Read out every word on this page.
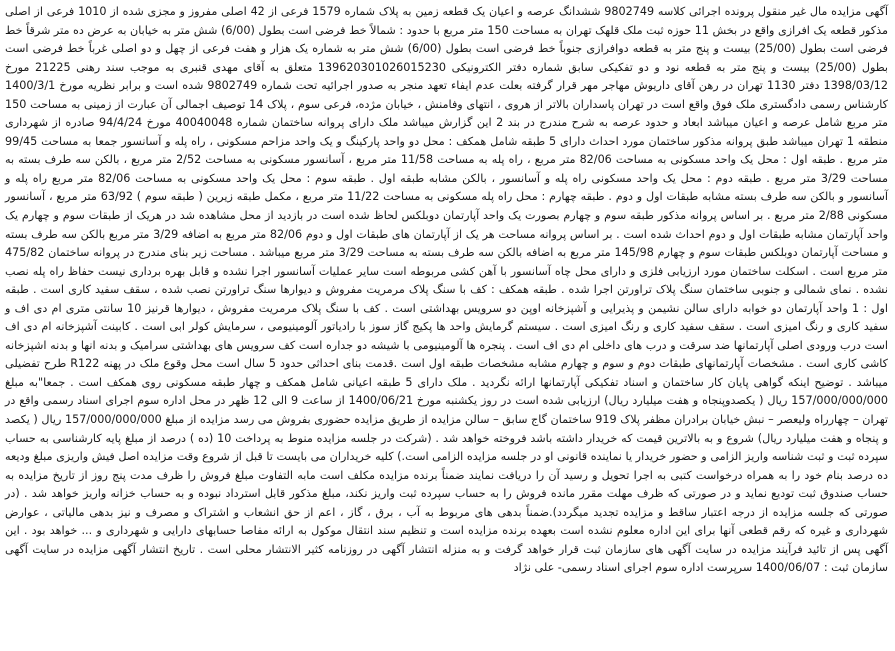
آگهی مزایده مال غیر منقول پرونده اجرائی کلاسه 9802749 ششدانگ عرصه و اعیان یک قطعه زمین به پلاک شماره 1579 فرعی از 42 اصلی مفروز و مجزی شده از 1010 فرعی از اصلی مذکور قطعه یک افرازی واقع در بخش 11 حوزه ثبت ملک قلهک تهران به مساحت 150 متر مربع با حدود : شمالاً خط فرضی است بطول (6/00) شش متر به خیابان به عرض ده متر شرقاً خط فرضی است بطول (25/00) بیست و پنج متر به قطعه دوافرازی جنوباً خط فرضی است بطول (6/00) شش متر به شماره یک هزار و هفت فرعی از چهل و دو اصلی غرباً خط فرضی است بطول (25/00) بیست و پنج متر به قطعه نود و دو تفکیکی سابق شماره دفتر الکترونیکی 139620301026015230 متعلق به آقای مهدی قنبری به موجب سند رهنی 21225 مورخ 1398/03/12 دفتر 1130 تهران در رهن آقای داریوش مهاجر مهر قرار گرفته بعلت عدم ایفاء تعهد منجر به صدور اجرائیه تحت شماره 9802749 شده است و برابر نظریه مورخ 1400/3/1 کارشناس رسمی دادگستری ملک فوق واقع است در تهران پاسداران بالاتر از هروی ، انتهای وفامنش ، خیابان مژده، فرعی سوم ، پلاک 14 توصیف اجمالی آن عبارت از زمینی به مساحت 150 متر مربع شامل عرصه و اعیان میباشد ابعاد و حدود عرصه به شرح مندرج در بند 2 این گزارش میباشد ملک دارای پروانه ساختمان شماره 40040048 مورخ 94/4/24 صادره از شهرداری منطقه 1 تهران میباشد طبق پروانه مذکور ساختمان مورد احداث دارای 5 طبقه شامل همکف : محل دو واحد پارکینگ و یک واحد مزاحم مسکونی ، راه پله و آسانسور جمعا به مساحت 99/45 متر مربع . طبقه اول : محل یک واحد مسکونی به مساحت 82/06 متر مربع ، راه پله به مساحت 11/58 متر مربع ، آسانسور مسکونی به مساحت 2/52 متر مربع ، بالکن سه طرف بسته به مساحت 3/29 متر مربع . طبقه دوم : محل یک واحد مسکونی راه پله و آسانسور ، بالکن مشابه طبقه اول . طبقه سوم : محل یک واحد مسکونی به مساحت 82/06 متر مربع راه پله و آسانسور و بالکن سه طرف بسته مشابه طبقات اول و دوم . طبقه چهارم : محل راه پله مسکونی به مساحت 11/22 متر مربع ، مکمل طبقه زیرین ( طبقه سوم ) 63/92 متر مربع ، آسانسور مسکونی 2/88 متر مربع . بر اساس پروانه مذکور طبقه سوم و چهارم بصورت یک واحد آپارتمان دوبلکس لحاظ شده است در بازدید از محل مشاهده شد در هریک از طبقات سوم و چهارم یک واحد آپارتمان مشابه طبقات اول و دوم احداث شده است . بر اساس پروانه مساحت هر یک از آپارتمان های طبقات اول و دوم 82/06 متر مربع به اضافه 3/29 متر مربع بالکن سه طرف بسته و مساحت آپارتمان دوبلکس طبقات سوم و چهارم 145/98 متر مربع به اضافه بالکن سه طرف بسته به مساحت 3/29 متر مربع میباشد . مساحت زیر بنای مندرج در پروانه ساختمان 475/82 متر مربع است . اسکلت ساختمان مورد ارزیابی فلزی و دارای محل چاه آسانسور با آهن کشی مربوطه است سایر عملیات آسانسور اجرا نشده و قابل بهره برداری نیست حفاظ راه پله نصب نشده . نمای شمالی و جنوبی ساختمان سنگ پلاک تراورتن اجرا شده . طبقه همکف : کف با سنگ پلاک مرمریت مفروش و دیوارها سنگ تراورتن نصب شده ، سقف سفید کاری است . طبقه اول : 1 واحد آپارتمان دو خوابه دارای سالن نشیمن و پذیرایی و آشپزخانه اوپن دو سرویس بهداشتی است . کف با سنگ پلاک مرمریت مفروش ، دیوارها قرنیز 10 سانتی متری ام دی اف و سفید کاری و رنگ امیزی است . سقف سفید کاری و رنگ امیزی است . سیستم گرمایش واحد ها پکیج گاز سوز با رادیاتور آلومینیومی ، سرمایش کولر ابی است . کابینت آشپزخانه ام دی اف است درب ورودی اصلی آپارتمانها ضد سرقت و درب های داخلی ام دی اف است . پنجره ها آلومینیومی با شیشه دو جداره است کف سرویس های بهداشتی سرامیک و بدنه انها و بدنه اشپزخانه کاشی کاری است . مشخصات آپارتمانهای طبقات دوم و سوم و چهارم مشابه مشخصات طبقه اول است .قدمت بنای احداثی حدود 5 سال است محل وقوع ملک در پهنه R122 طرح تفضیلی میباشد . توضیح اینکه گواهی پایان کار ساختمان و اسناد تفکیکی آپارتمانها ارائه نگردید . ملک دارای 5 طبقه اعیانی شامل همکف و چهار طبقه مسکونی روی همکف است . جمعا"به مبلغ 157/000/000/000 ریال ( یکصدوپنجاه و هفت میلیارد ریال) ارزیابی شده است در روز یکشنبه مورخ 1400/06/21 از ساعت 9 الی 12 ظهر در محل اداره سوم اجرای اسناد رسمی واقع در تهران – چهارراه ولیعصر – نبش خیابان برادران مظفر پلاک 919 ساختمان گاج سابق – سالن مزایده از طریق مزایده حضوری بفروش می رسد مزایده از مبلغ 157/000/000/000 ریال ( یکصد و پنجاه و هفت میلیارد ریال) شروع و به بالاترین قیمت که خریدار داشته باشد فروخته خواهد شد . (شرکت در جلسه مزایده منوط به پرداخت 10 (ده ) درصد از مبلغ پایه کارشناسی به حساب سپرده ثبت و ثبت شناسه واریز الزامی و حضور خریدار یا نماینده قانونی او در جلسه مزایده الزامی است.) کلیه خریداران می بایست تا قبل از شروع وقت مزایده اصل فیش واریزی مبلغ ودیعه ده درصد بنام خود را به همراه درخواست کتبی به اجرا تحویل و رسید آن را دریافت نمایند ضمناً برنده مزایده مکلف است مابه التفاوت مبلغ فروش را ظرف مدت پنج روز از تاریخ مزایده به حساب صندوق ثبت تودیع نماید و در صورتی که ظرف مهلت مقرر مانده فروش را به حساب سپرده ثبت واریز نکند، مبلغ مذکور قابل استرداد نبوده و به حساب خزانه واریز خواهد شد . (در صورتی که جلسه مزایده از درجه اعتبار ساقط و مزایده تجدید میگردد).ضمناً بدهی های مربوط به آب ، برق ، گاز ، اعم از حق انشعاب و اشتراک و مصرف و نیز بدهی مالیاتی ، عوارض شهرداری و غیره که رقم قطعی آنها برای این اداره معلوم نشده است بعهده برنده مزایده است و تنظیم سند انتقال موکول به ارائه مفاصا حسابهای دارایی و شهرداری و ... خواهد بود . این آگهی پس از تائید فرآیند مزایده در سایت آگهی های سازمان ثبت قرار خواهد گرفت و به منزله انتشار آگهی در روزنامه کثیر الانتشار محلی است . تاریخ انتشار آگهی مزایده در سایت آگهی سازمان ثبت : 1400/06/07 سرپرست اداره سوم اجرای اسناد رسمی- علی نژاد
